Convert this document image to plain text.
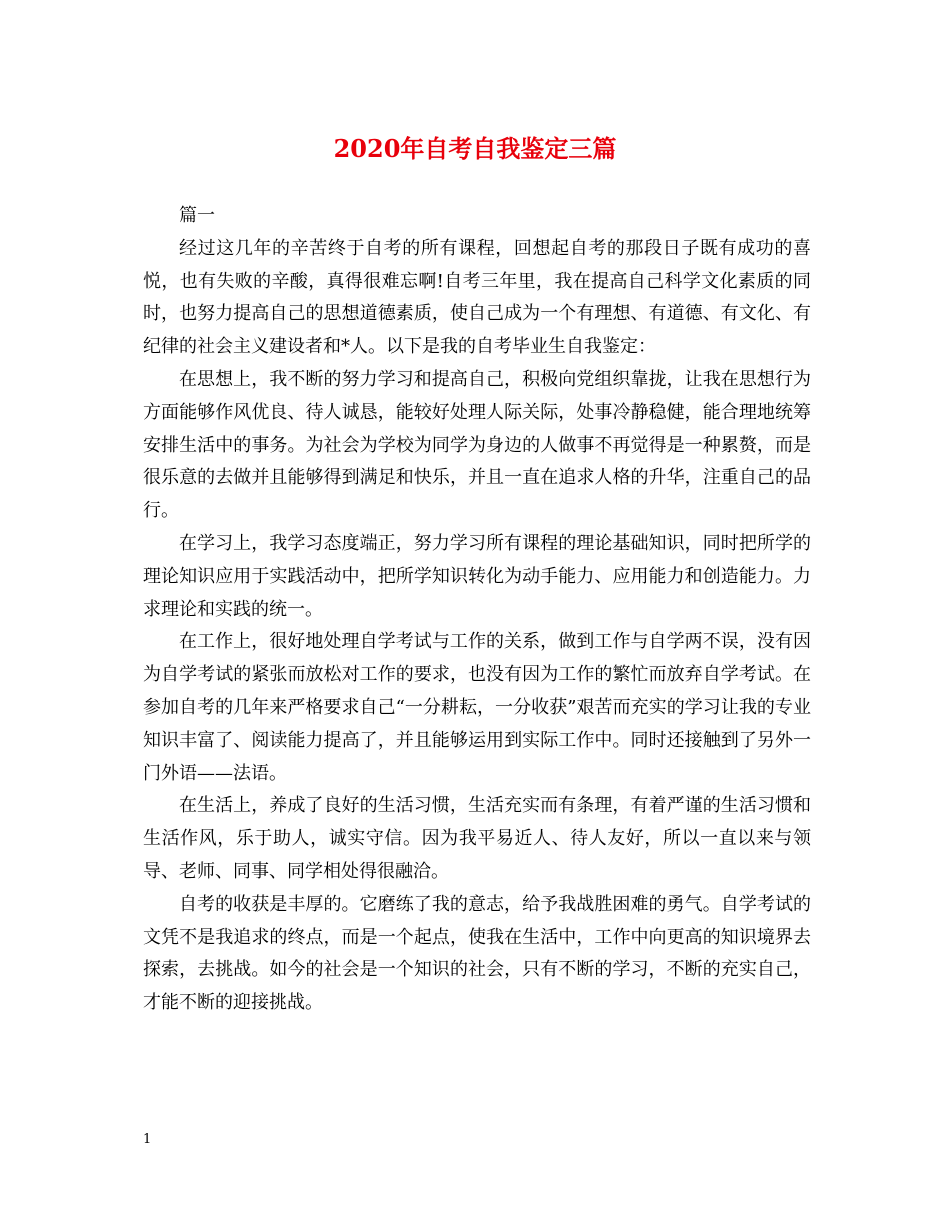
2020年自考自我鉴定三篇

篇一

经过这几年的辛苦终于自考的所有课程，回想起自考的那段日子既有成功的喜悦，也有失败的辛酸，真得很难忘啊!自考三年里，我在提高自己科学文化素质的同时，也努力提高自己的思想道德素质，使自己成为一个有理想、有道德、有文化、有纪律的社会主义建设者和*人。以下是我的自考毕业生自我鉴定：

在思想上，我不断的努力学习和提高自己，积极向党组织靠拢，让我在思想行为方面能够作风优良、待人诚恳，能较好处理人际关际，处事冷静稳健，能合理地统筹安排生活中的事务。为社会为学校为同学为身边的人做事不再觉得是一种累赘，而是很乐意的去做并且能够得到满足和快乐，并且一直在追求人格的升华，注重自己的品行。

在学习上，我学习态度端正，努力学习所有课程的理论基础知识，同时把所学的理论知识应用于实践活动中，把所学知识转化为动手能力、应用能力和创造能力。力求理论和实践的统一。

在工作上，很好地处理自学考试与工作的关系，做到工作与自学两不误，没有因为自学考试的紧张而放松对工作的要求，也没有因为工作的繁忙而放弃自学考试。在参加自考的几年来严格要求自己“一分耕耘，一分收获”艰苦而充实的学习让我的专业知识丰富了、阅读能力提高了，并且能够运用到实际工作中。同时还接触到了另外一门外语——法语。

在生活上，养成了良好的生活习惯，生活充实而有条理，有着严谨的生活习惯和生活作风，乐于助人，诚实守信。因为我平易近人、待人友好，所以一直以来与领导、老师、同事、同学相处得很融洽。

自考的收获是丰厚的。它磨练了我的意志，给予我战胜困难的勇气。自学考试的文凭不是我追求的终点，而是一个起点，使我在生活中，工作中向更高的知识境界去探索，去挑战。如今的社会是一个知识的社会，只有不断的学习，不断的充实自己，才能不断的迎接挑战。

1
